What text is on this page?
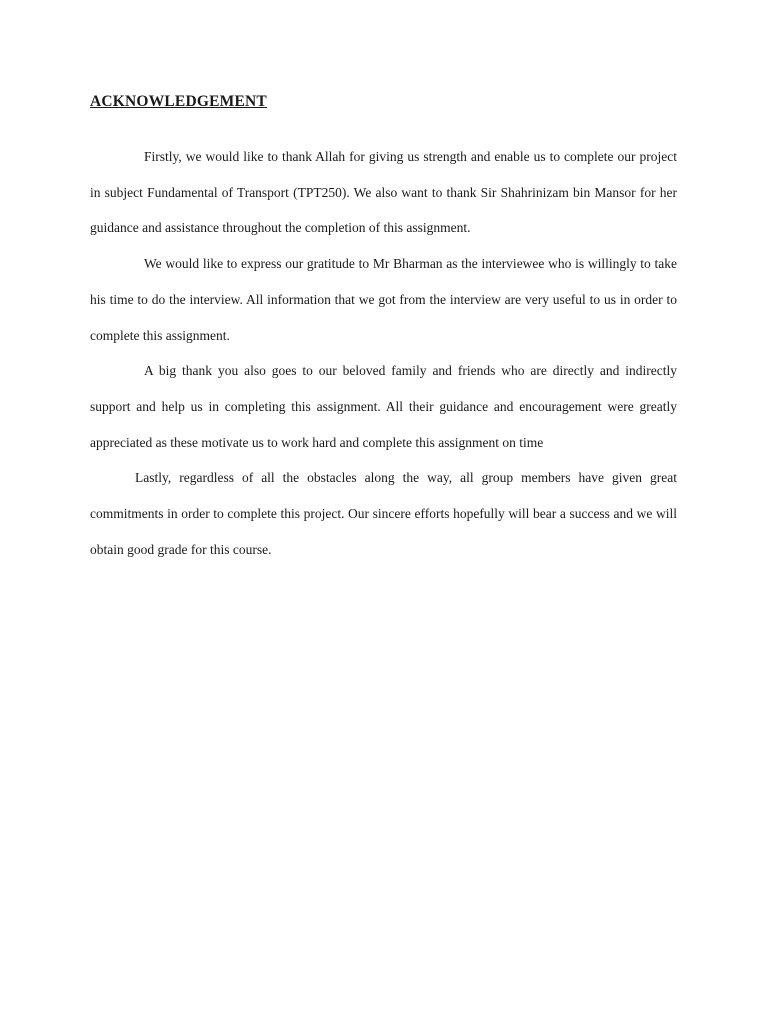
ACKNOWLEDGEMENT

Firstly, we would like to thank Allah for giving us strength and enable us to complete our project in subject Fundamental of Transport (TPT250). We also want to thank Sir Shahrinizam bin Mansor for her guidance and assistance throughout the completion of this assignment.

We would like to express our gratitude to Mr Bharman as the interviewee who is willingly to take his time to do the interview. All information that we got from the interview are very useful to us in order to complete this assignment.

A big thank you also goes to our beloved family and friends who are directly and indirectly support and help us in completing this assignment. All their guidance and encouragement were greatly appreciated as these motivate us to work hard and complete this assignment on time

Lastly, regardless of all the obstacles along the way, all group members have given great commitments in order to complete this project. Our sincere efforts hopefully will bear a success and we will obtain good grade for this course.
